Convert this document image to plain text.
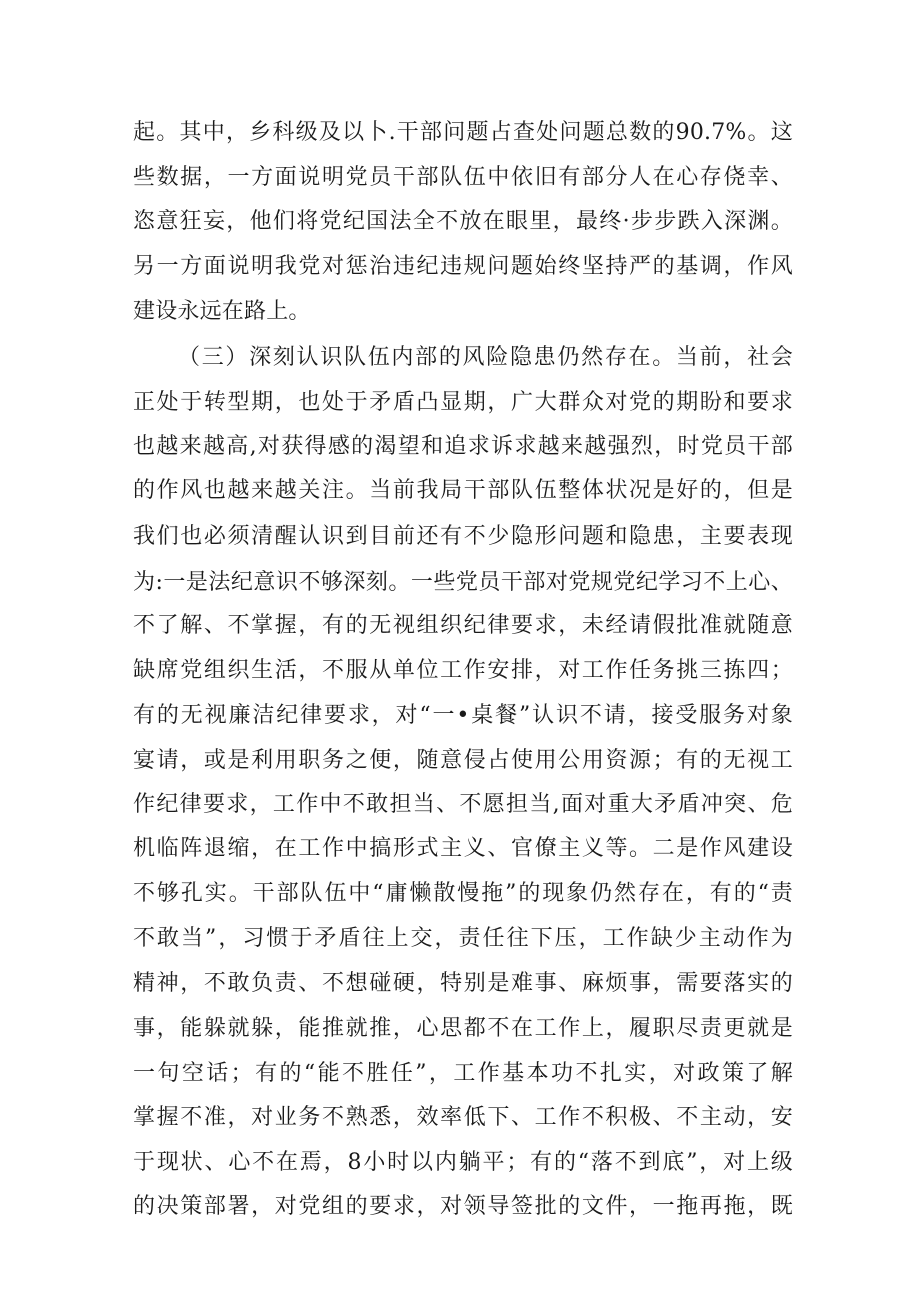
起。其中，乡科级及以卜.干部问题占查处问题总数的90.7%。这
些数据，一方面说明党员干部队伍中依旧有部分人在心存侥幸、
恣意狂妄，他们将党纪国法全不放在眼里，最终·步步跌入深渊。
另一方面说明我党对惩治违纪违规问题始终坚持严的基调，作风
建设永远在路上。
（三）深刻认识队伍内部的风险隐患仍然存在。当前，社会
正处于转型期，也处于矛盾凸显期，广大群众对党的期盼和要求
也越来越高,对获得感的渴望和追求诉求越来越强烈，时党员干部
的作风也越来越关注。当前我局干部队伍整体状况是好的，但是
我们也必须清醒认识到目前还有不少隐形问题和隐患，主要表现
为:一是法纪意识不够深刻。一些党员干部对党规党纪学习不上心、
不了解、不掌握，有的无视组织纪律要求，未经请假批准就随意
缺席党组织生活，不服从单位工作安排，对工作任务挑三拣四；
有的无视廉洁纪律要求，对“一•桌餐”认识不请，接受服务对象
宴请，或是利用职务之便，随意侵占使用公用资源；有的无视工
作纪律要求，工作中不敢担当、不愿担当,面对重大矛盾冲突、危
机临阵退缩，在工作中搞形式主义、官僚主义等。二是作风建设
不够孔实。干部队伍中“庸懒散慢拖”的现象仍然存在，有的“责
不敢当”，习惯于矛盾往上交，责任往下压，工作缺少主动作为
精神，不敢负责、不想碰硬，特别是难事、麻烦事，需要落实的
事，能躲就躲，能推就推，心思都不在工作上，履职尽责更就是
一句空话；有的“能不胜任”，工作基本功不扎实，对政策了解
掌握不准，对业务不熟悉，效率低下、工作不积极、不主动，安
于现状、心不在焉，8小时以内躺平；有的“落不到底”，对上级
的决策部署，对党组的要求，对领导签批的文件，一拖再拖，既
